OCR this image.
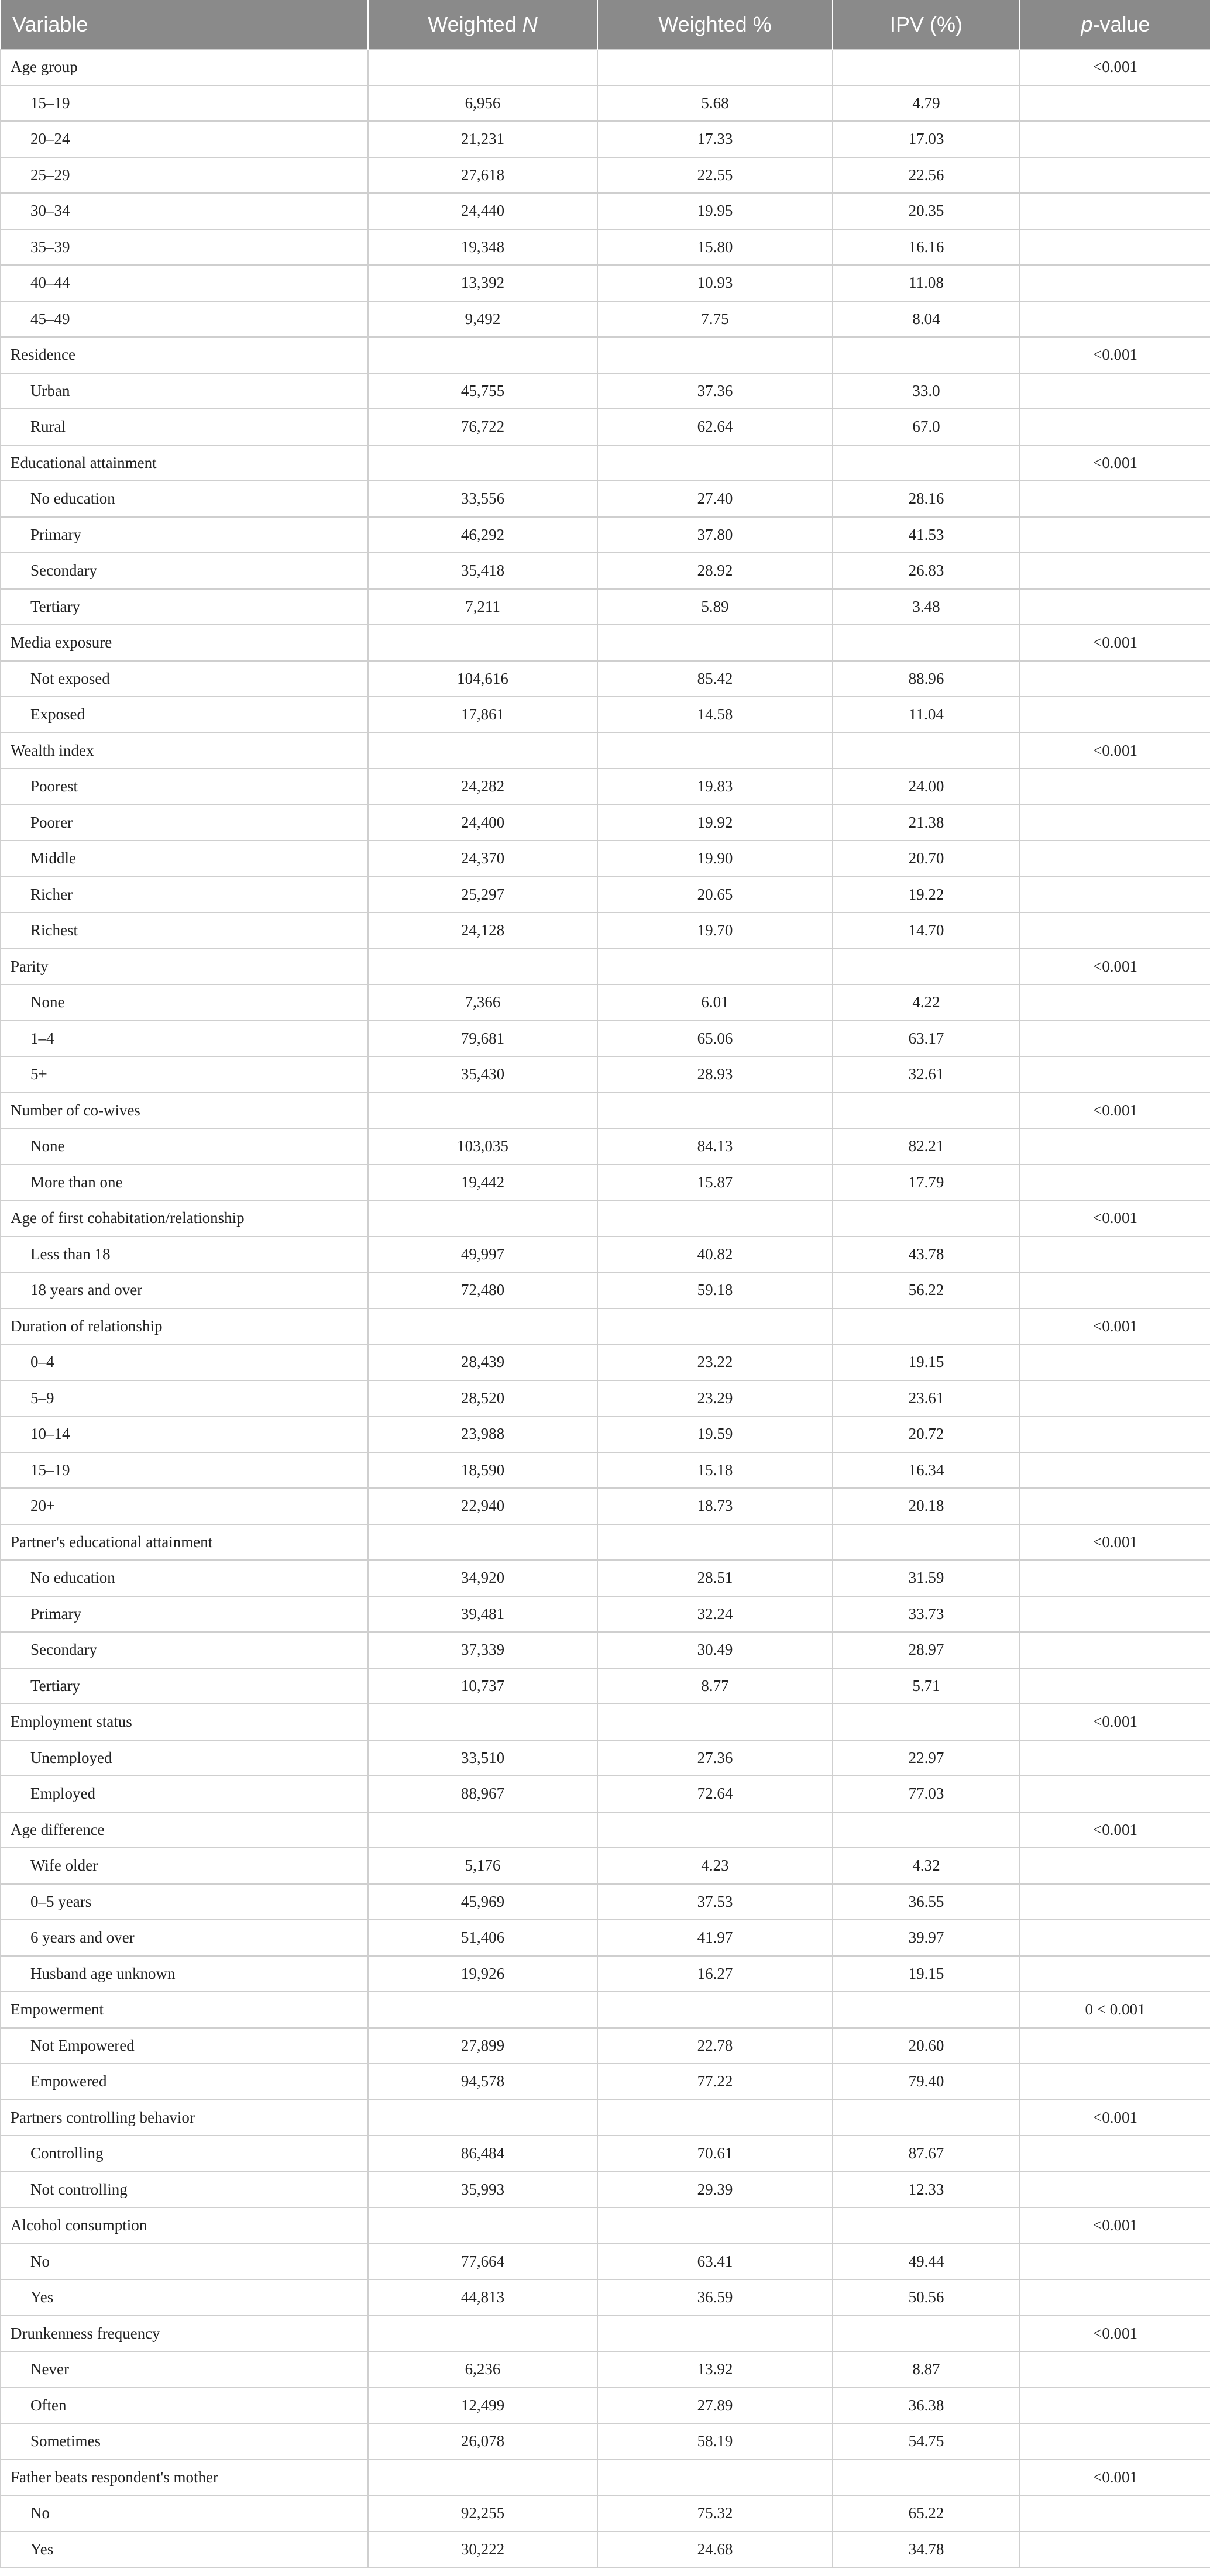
Variable	Weighted N	Weighted %	IPV (%)	p-value
Age group				<0.001
15–19	6,956	5.68	4.79	
20–24	21,231	17.33	17.03	
25–29	27,618	22.55	22.56	
30–34	24,440	19.95	20.35	
35–39	19,348	15.80	16.16	
40–44	13,392	10.93	11.08	
45–49	9,492	7.75	8.04	
Residence				<0.001
Urban	45,755	37.36	33.0	
Rural	76,722	62.64	67.0	
Educational attainment				<0.001
No education	33,556	27.40	28.16	
Primary	46,292	37.80	41.53	
Secondary	35,418	28.92	26.83	
Tertiary	7,211	5.89	3.48	
Media exposure				<0.001
Not exposed	104,616	85.42	88.96	
Exposed	17,861	14.58	11.04	
Wealth index				<0.001
Poorest	24,282	19.83	24.00	
Poorer	24,400	19.92	21.38	
Middle	24,370	19.90	20.70	
Richer	25,297	20.65	19.22	
Richest	24,128	19.70	14.70	
Parity				<0.001
None	7,366	6.01	4.22	
1–4	79,681	65.06	63.17	
5+	35,430	28.93	32.61	
Number of co-wives				<0.001
None	103,035	84.13	82.21	
More than one	19,442	15.87	17.79	
Age of first cohabitation/relationship				<0.001
Less than 18	49,997	40.82	43.78	
18 years and over	72,480	59.18	56.22	
Duration of relationship				<0.001
0–4	28,439	23.22	19.15	
5–9	28,520	23.29	23.61	
10–14	23,988	19.59	20.72	
15–19	18,590	15.18	16.34	
20+	22,940	18.73	20.18	
Partner's educational attainment				<0.001
No education	34,920	28.51	31.59	
Primary	39,481	32.24	33.73	
Secondary	37,339	30.49	28.97	
Tertiary	10,737	8.77	5.71	
Employment status				<0.001
Unemployed	33,510	27.36	22.97	
Employed	88,967	72.64	77.03	
Age difference				<0.001
Wife older	5,176	4.23	4.32	
0–5 years	45,969	37.53	36.55	
6 years and over	51,406	41.97	39.97	
Husband age unknown	19,926	16.27	19.15	
Empowerment				0 < 0.001
Not Empowered	27,899	22.78	20.60	
Empowered	94,578	77.22	79.40	
Partners controlling behavior				<0.001
Controlling	86,484	70.61	87.67	
Not controlling	35,993	29.39	12.33	
Alcohol consumption				<0.001
No	77,664	63.41	49.44	
Yes	44,813	36.59	50.56	
Drunkenness frequency				<0.001
Never	6,236	13.92	8.87	
Often	12,499	27.89	36.38	
Sometimes	26,078	58.19	54.75	
Father beats respondent's mother				<0.001
No	92,255	75.32	65.22	
Yes	30,222	24.68	34.78	
